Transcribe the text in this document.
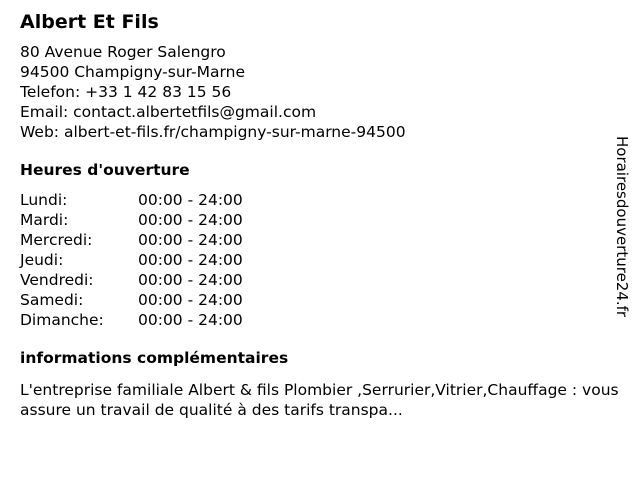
Albert Et Fils
80 Avenue Roger Salengro
94500 Champigny-sur-Marne
Telefon: +33 1 42 83 15 56
Email: contact.albertetfils@gmail.com
Web: albert-et-fils.fr/champigny-sur-marne-94500
Heures d'ouverture
Lundi:	00:00 - 24:00
Mardi:	00:00 - 24:00
Mercredi:	00:00 - 24:00
Jeudi:	00:00 - 24:00
Vendredi:	00:00 - 24:00
Samedi:	00:00 - 24:00
Dimanche:	00:00 - 24:00
informations complémentaires
L'entreprise familiale Albert & fils Plombier ,Serrurier,Vitrier,Chauffage : vous assure un travail de qualité à des tarifs transpa...
Horairesdouverture24.fr
